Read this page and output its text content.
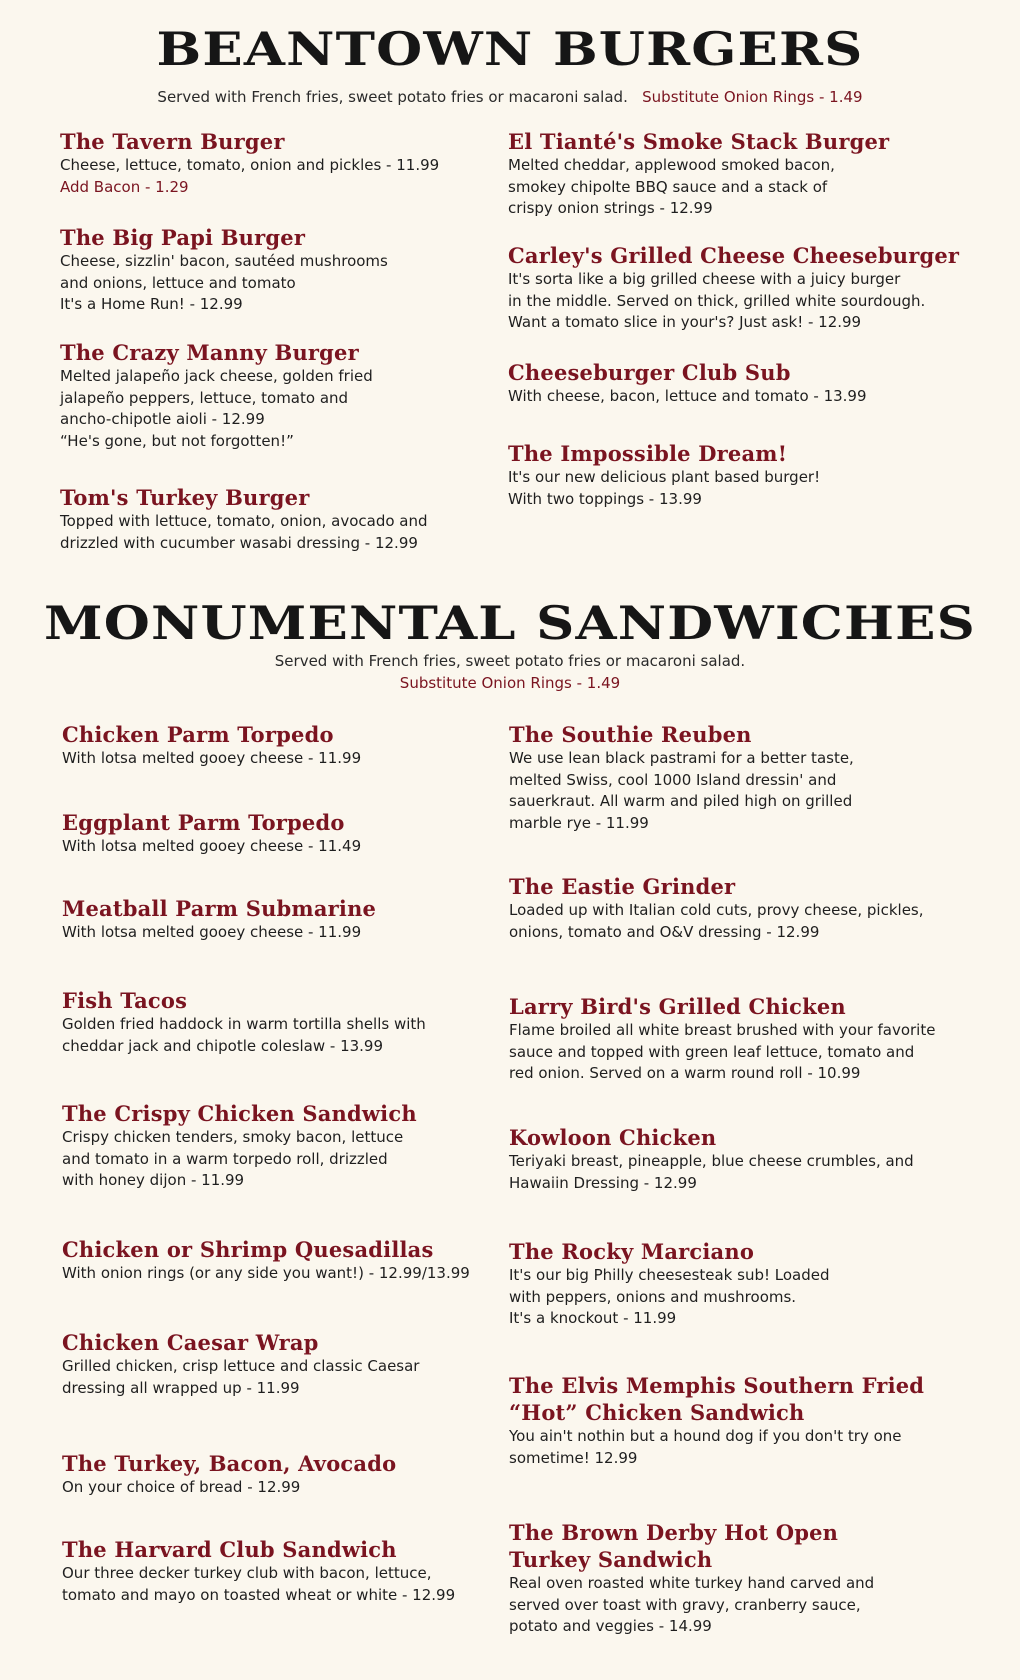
BEANTOWN BURGERS

Served with French fries, sweet potato fries or macaroni salad. Substitute Onion Rings - 1.49

The Tavern Burger

Cheese, lettuce, tomato, onion and pickles - 11.99

Add Bacon - 1.29

The Big Papi Burger

Cheese, sizzlin' bacon, sautéed mushrooms
and onions, lettuce and tomato
It's a Home Run! - 12.99

The Crazy Manny Burger

Melted jalapeño jack cheese, golden fried
jalapeño peppers, lettuce, tomato and
ancho-chipotle aioli - 12.99
“He's gone, but not forgotten!”

Tom's Turkey Burger

Topped with lettuce, tomato, onion, avocado and
drizzled with cucumber wasabi dressing - 12.99

El Tianté's Smoke Stack Burger

Melted cheddar, applewood smoked bacon,
smokey chipolte BBQ sauce and a stack of
crispy onion strings - 12.99

Carley's Grilled Cheese Cheeseburger

It's sorta like a big grilled cheese with a juicy burger
in the middle. Served on thick, grilled white sourdough.
Want a tomato slice in your's? Just ask! - 12.99

Cheeseburger Club Sub

With cheese, bacon, lettuce and tomato - 13.99

The Impossible Dream!

It's our new delicious plant based burger!
With two toppings - 13.99

MONUMENTAL SANDWICHES

Served with French fries, sweet potato fries or macaroni salad.

Substitute Onion Rings - 1.49

Chicken Parm Torpedo

With lotsa melted gooey cheese - 11.99

Eggplant Parm Torpedo

With lotsa melted gooey cheese - 11.49

Meatball Parm Submarine

With lotsa melted gooey cheese - 11.99

Fish Tacos

Golden fried haddock in warm tortilla shells with
cheddar jack and chipotle coleslaw - 13.99

The Crispy Chicken Sandwich

Crispy chicken tenders, smoky bacon, lettuce
and tomato in a warm torpedo roll, drizzled
with honey dijon - 11.99

Chicken or Shrimp Quesadillas

With onion rings (or any side you want!) - 12.99/13.99

Chicken Caesar Wrap

Grilled chicken, crisp lettuce and classic Caesar
dressing all wrapped up - 11.99

The Turkey, Bacon, Avocado

On your choice of bread - 12.99

The Harvard Club Sandwich

Our three decker turkey club with bacon, lettuce,
tomato and mayo on toasted wheat or white - 12.99

The Southie Reuben

We use lean black pastrami for a better taste,
melted Swiss, cool 1000 Island dressin' and
sauerkraut. All warm and piled high on grilled
marble rye - 11.99

The Eastie Grinder

Loaded up with Italian cold cuts, provy cheese, pickles,
onions, tomato and O&V dressing - 12.99

Larry Bird's Grilled Chicken

Flame broiled all white breast brushed with your favorite
sauce and topped with green leaf lettuce, tomato and
red onion. Served on a warm round roll - 10.99

Kowloon Chicken

Teriyaki breast, pineapple, blue cheese crumbles, and
Hawaiin Dressing - 12.99

The Rocky Marciano

It's our big Philly cheesesteak sub! Loaded
with peppers, onions and mushrooms.
It's a knockout - 11.99

The Elvis Memphis Southern Fried
“Hot” Chicken Sandwich

You ain't nothin but a hound dog if you don't try one
sometime! 12.99

The Brown Derby Hot Open
Turkey Sandwich

Real oven roasted white turkey hand carved and
served over toast with gravy, cranberry sauce,
potato and veggies - 14.99
